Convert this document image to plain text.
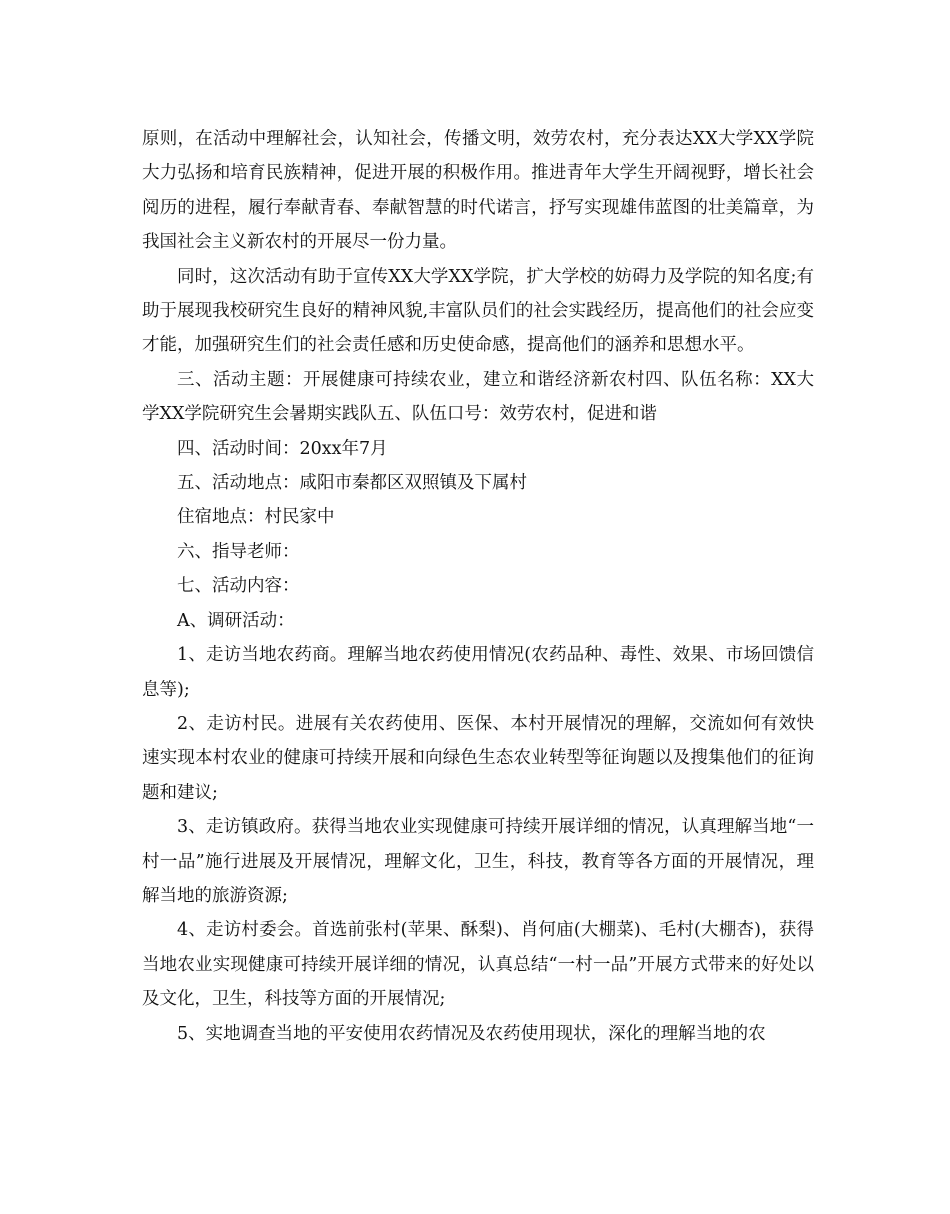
原则，在活动中理解社会，认知社会，传播文明，效劳农村，充分表达XX大学XX学院大力弘扬和培育民族精神，促进开展的积极作用。推进青年大学生开阔视野，增长社会阅历的进程，履行奉献青春、奉献智慧的时代诺言，抒写实现雄伟蓝图的壮美篇章，为我国社会主义新农村的开展尽一份力量。

同时，这次活动有助于宣传XX大学XX学院，扩大学校的妨碍力及学院的知名度;有助于展现我校研究生良好的精神风貌,丰富队员们的社会实践经历，提高他们的社会应变才能，加强研究生们的社会责任感和历史使命感，提高他们的涵养和思想水平。

三、活动主题：开展健康可持续农业，建立和谐经济新农村四、队伍名称：XX大学XX学院研究生会暑期实践队五、队伍口号：效劳农村，促进和谐

四、活动时间：20xx年7月

五、活动地点：咸阳市秦都区双照镇及下属村

住宿地点：村民家中

六、指导老师：

七、活动内容：

A、调研活动：

1、走访当地农药商。理解当地农药使用情况(农药品种、毒性、效果、市场回馈信息等);

2、走访村民。进展有关农药使用、医保、本村开展情况的理解，交流如何有效快速实现本村农业的健康可持续开展和向绿色生态农业转型等征询题以及搜集他们的征询题和建议;

3、走访镇政府。获得当地农业实现健康可持续开展详细的情况，认真理解当地“一村一品”施行进展及开展情况，理解文化，卫生，科技，教育等各方面的开展情况，理解当地的旅游资源;

4、走访村委会。首选前张村(苹果、酥梨)、肖何庙(大棚菜)、毛村(大棚杏)，获得当地农业实现健康可持续开展详细的情况，认真总结“一村一品”开展方式带来的好处以及文化，卫生，科技等方面的开展情况;

5、实地调查当地的平安使用农药情况及农药使用现状，深化的理解当地的农
